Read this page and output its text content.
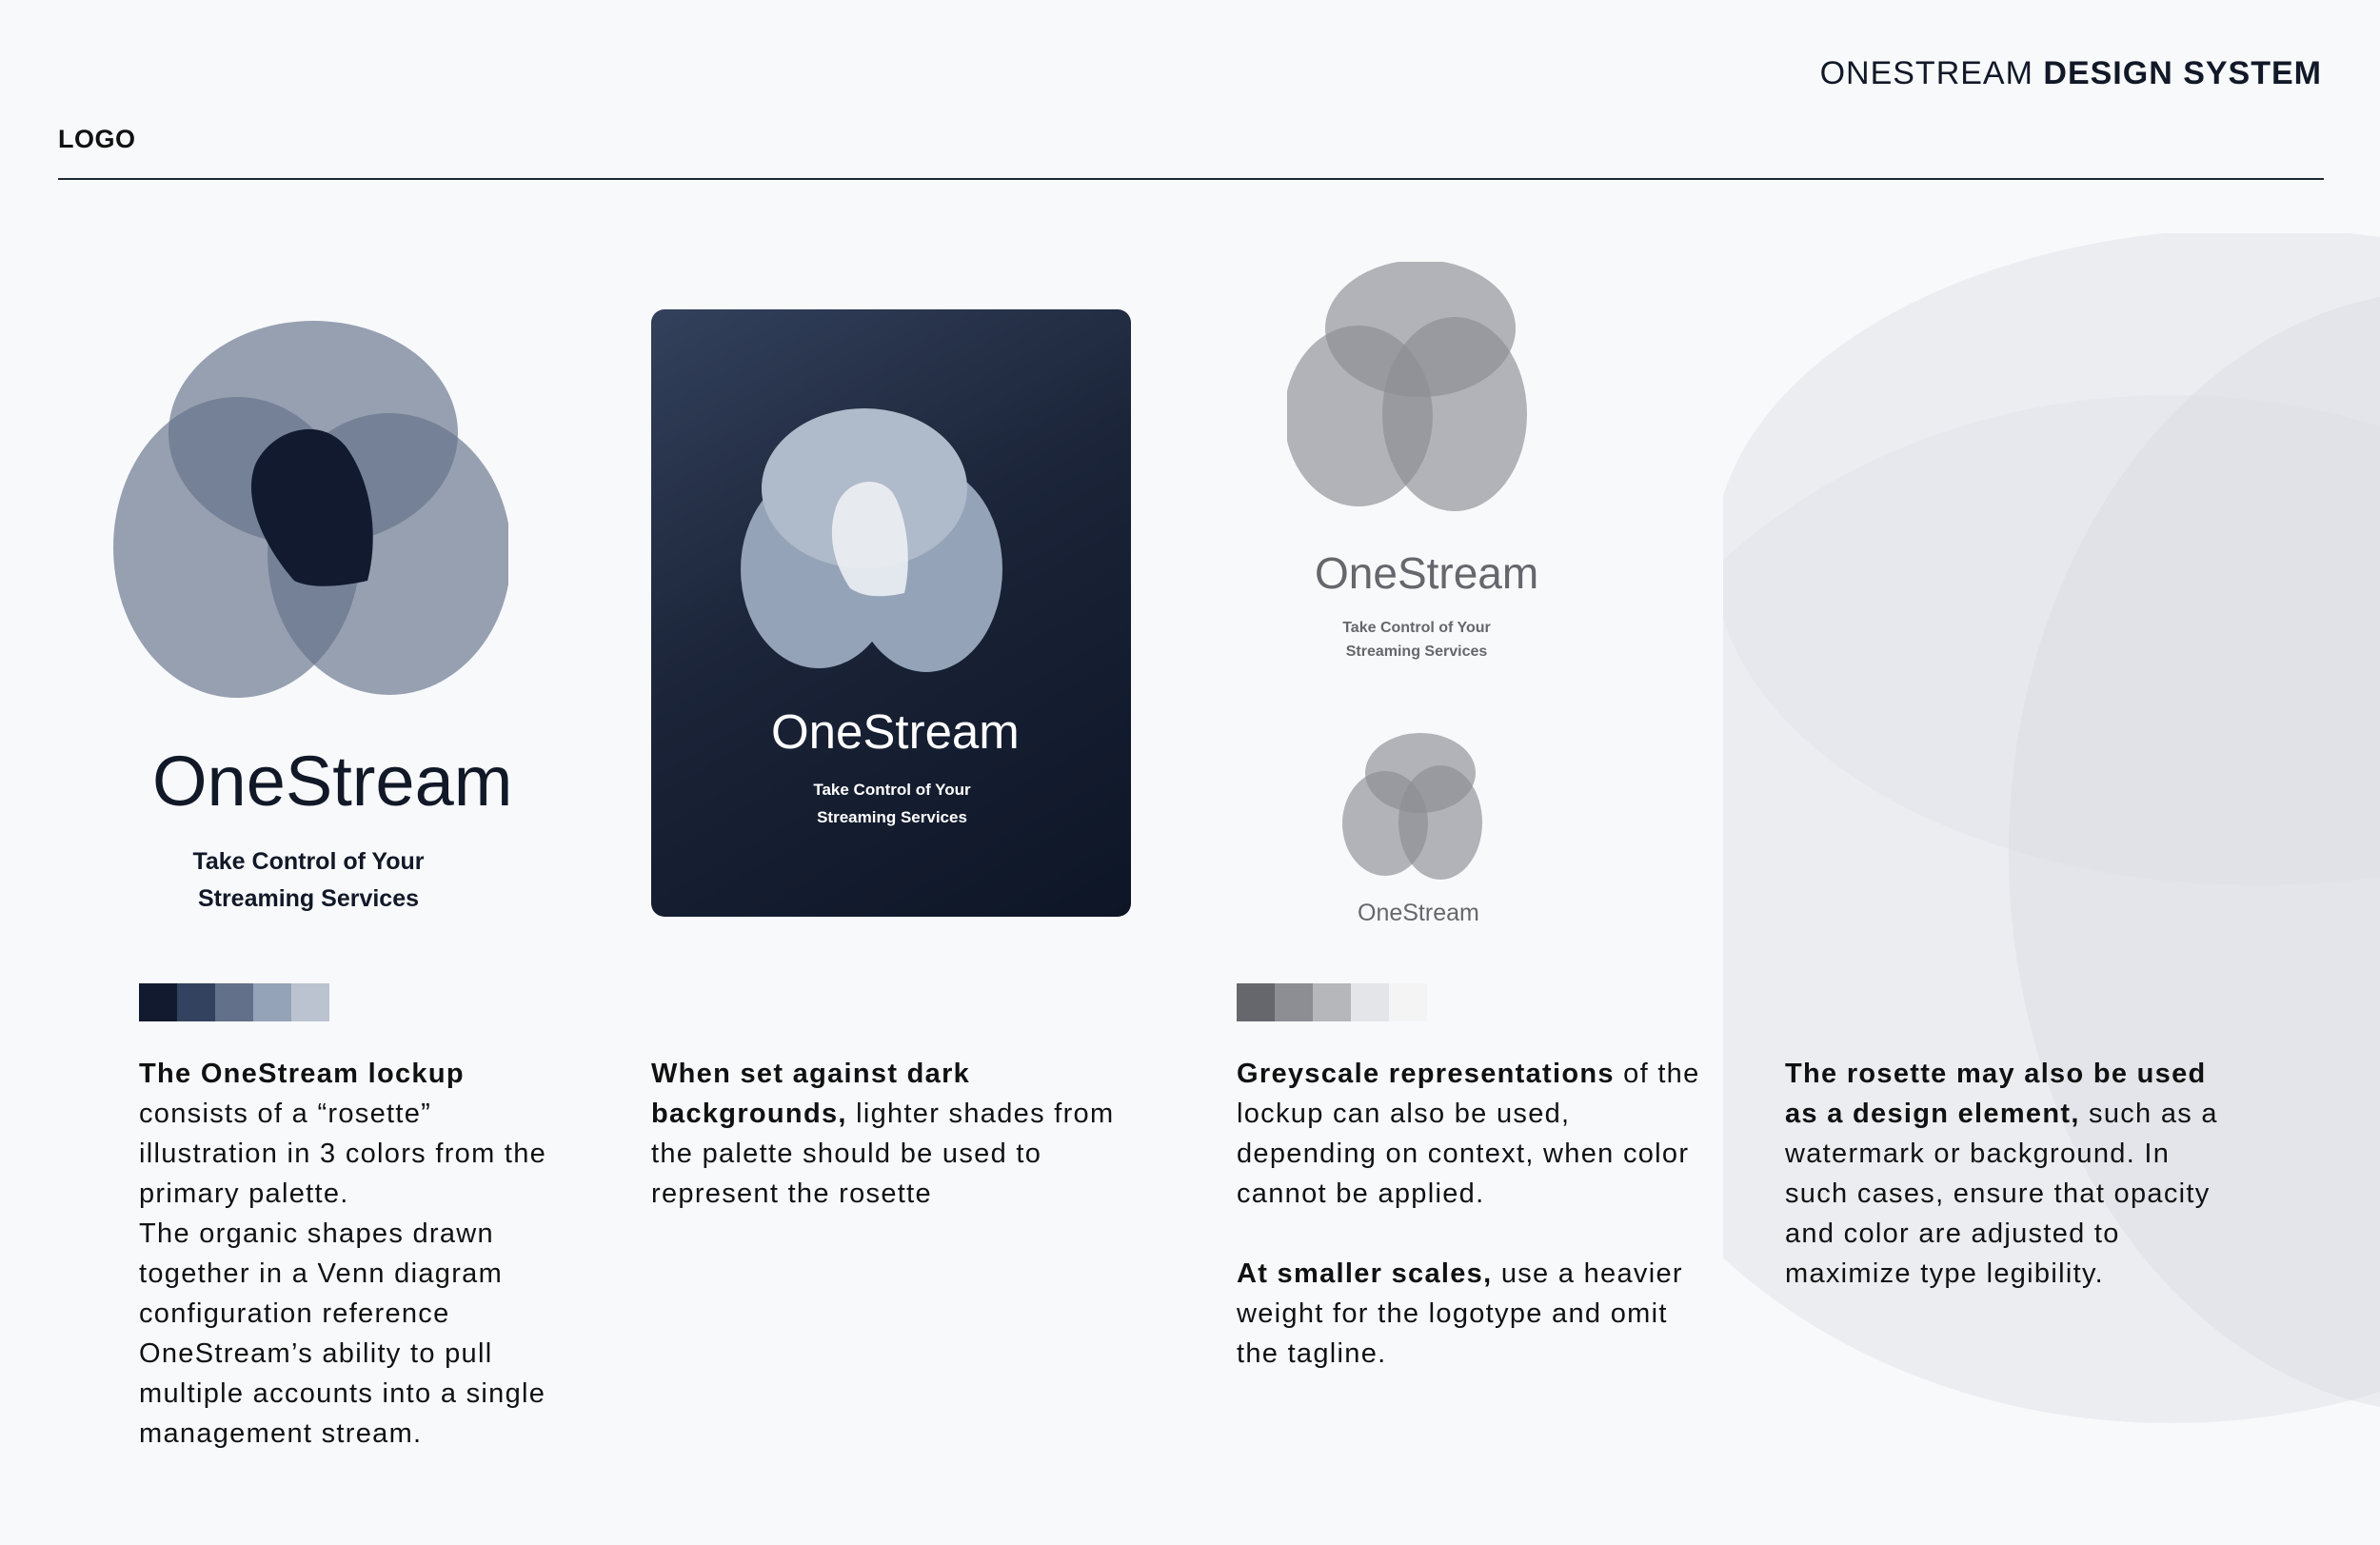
ONESTREAM DESIGN SYSTEM
LOGO
OneStream
Take Control of Your
Streaming Services

The OneStream lockup consists of a “rosette” illustration in 3 colors from the primary palette.

The organic shapes drawn together in a Venn diagram configuration reference OneStream’s ability to pull multiple accounts into a single management stream.

OneStream
Take Control of Your
Streaming Services

When set against dark backgrounds, lighter shades from the palette should be used to represent the rosette

OneStream
Take Control of Your
Streaming Services
OneStream

Greyscale representations of the lockup can also be used, depending on context, when color cannot be applied.

At smaller scales, use a heavier weight for the logotype and omit the tagline.

The rosette may also be used as a design element, such as a watermark or background. In such cases, ensure that opacity and color are adjusted to maximize type legibility.
